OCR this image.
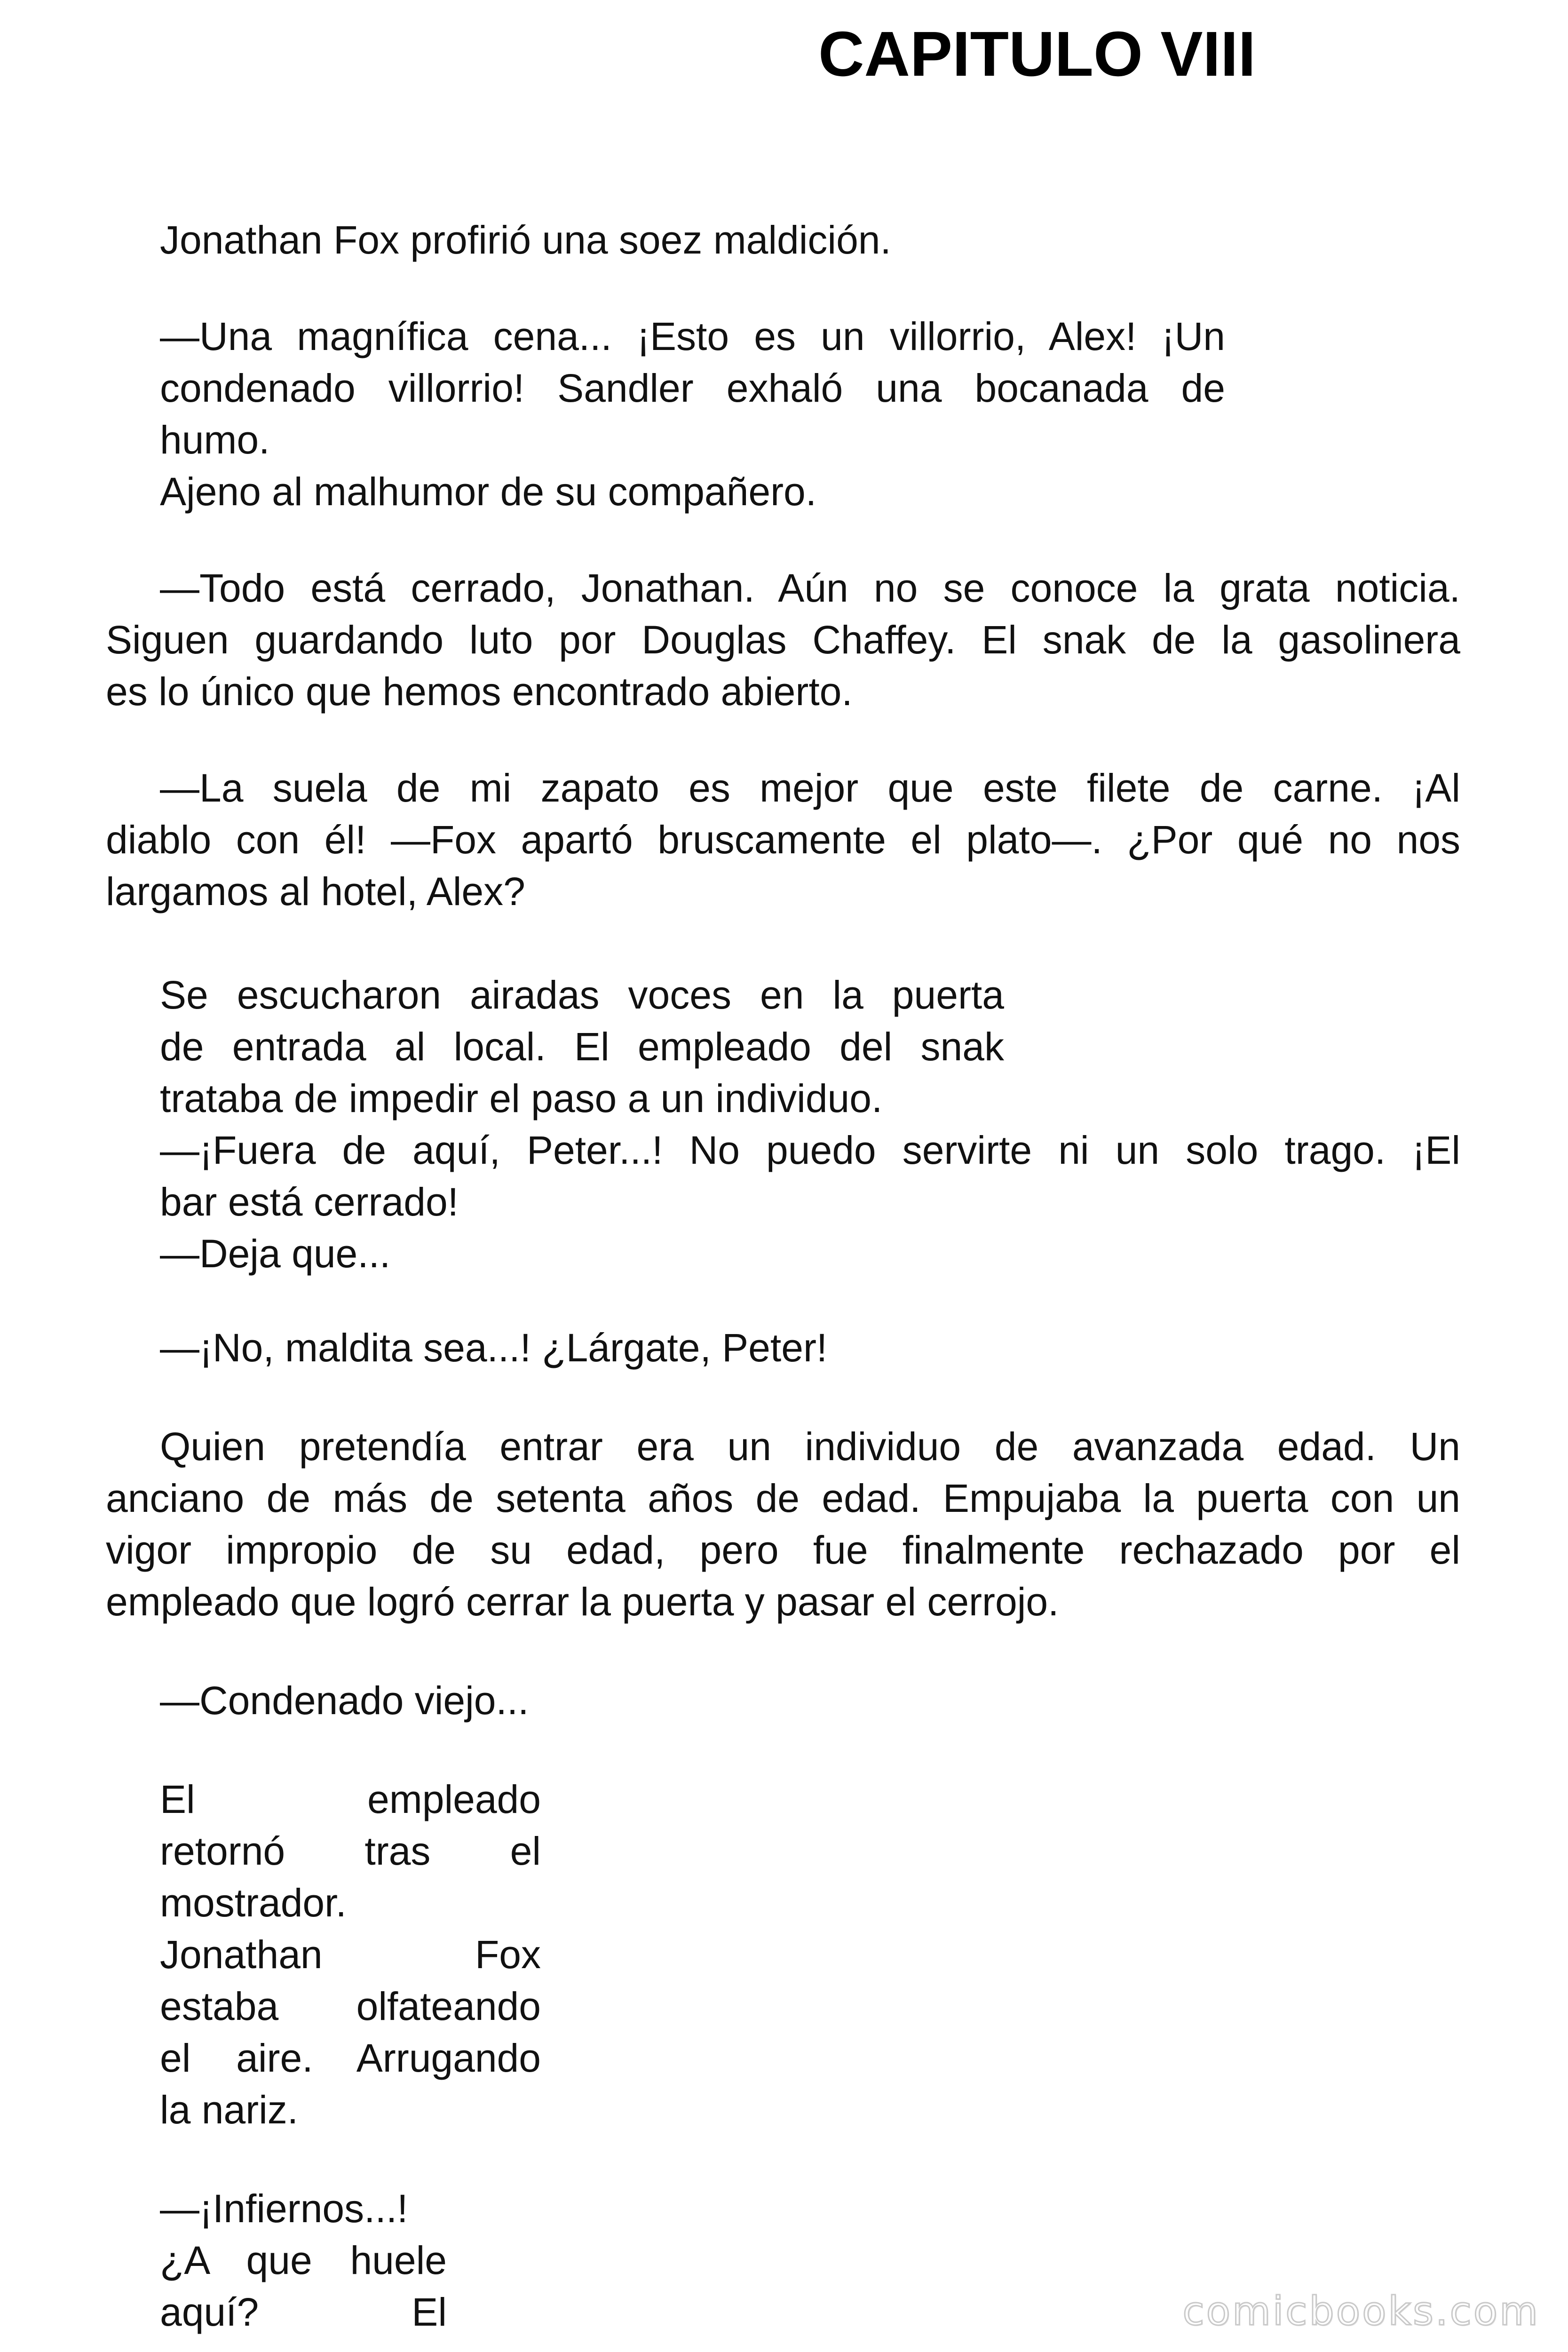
CAPITULO VIII

Jonathan Fox profirió una soez maldición.

—Una magnífica cena... ¡Esto es un villorrio, Alex! ¡Un
condenado villorrio! Sandler exhaló una bocanada de
humo.
Ajeno al malhumor de su compañero.

—Todo está cerrado, Jonathan. Aún no se conoce la grata noticia.
Siguen guardando luto por Douglas Chaffey. El snak de la gasolinera
es lo único que hemos encontrado abierto.
—La suela de mi zapato es mejor que este filete de carne. ¡Al
diablo con él! —Fox apartó bruscamente el plato—. ¿Por qué no nos
largamos al hotel, Alex?
Se escucharon airadas voces en la puerta
de entrada al local. El empleado del snak
trataba de impedir el paso a un individuo.
—¡Fuera de aquí, Peter...! No puedo servirte ni un solo trago. ¡El
bar está cerrado!
—Deja que...
—¡No, maldita sea...! ¿Lárgate, Peter!
Quien pretendía entrar era un individuo de avanzada edad. Un
anciano de más de setenta años de edad. Empujaba la puerta con un
vigor impropio de su edad, pero fue finalmente rechazado por el
empleado que logró cerrar la puerta y pasar el cerrojo.
—Condenado viejo...
El empleado
retornó tras el
mostrador.
Jonathan Fox
estaba olfateando
el aire. Arrugando
la nariz.
—¡Infiernos...!
¿A que huele
aquí? El	comicbooks.com
